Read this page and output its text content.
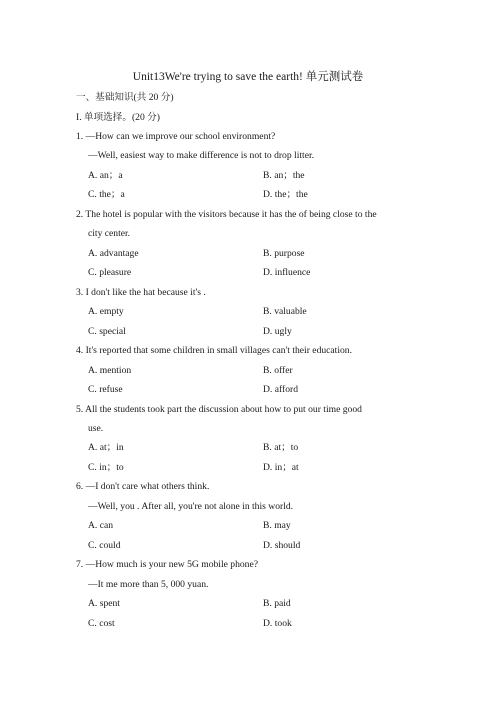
Unit13We're trying to save the earth! 单元测试卷
一、基础知识(共 20 分)
I. 单项选择。(20 分)
1. —How can we improve our school environment?
—Well, easiest way to make difference is not to drop litter.
A. an；a	B. an；the
C. the；a	D. the；the
2. The hotel is popular with the visitors because it has the of being close to the
city center.
A. advantage	B. purpose
C. pleasure	D. influence
3. I don't like the hat because it's .
A. empty	B. valuable
C. special	D. ugly
4. It's reported that some children in small villages can't their education.
A. mention	B. offer
C. refuse	D. afford
5. All the students took part the discussion about how to put our time good
use.
A. at；in	B. at；to
C. in；to	D. in；at
6. —I don't care what others think.
—Well, you . After all, you're not alone in this world.
A. can	B. may
C. could	D. should
7. —How much is your new 5G mobile phone?
—It me more than 5, 000 yuan.
A. spent	B. paid
C. cost	D. took
